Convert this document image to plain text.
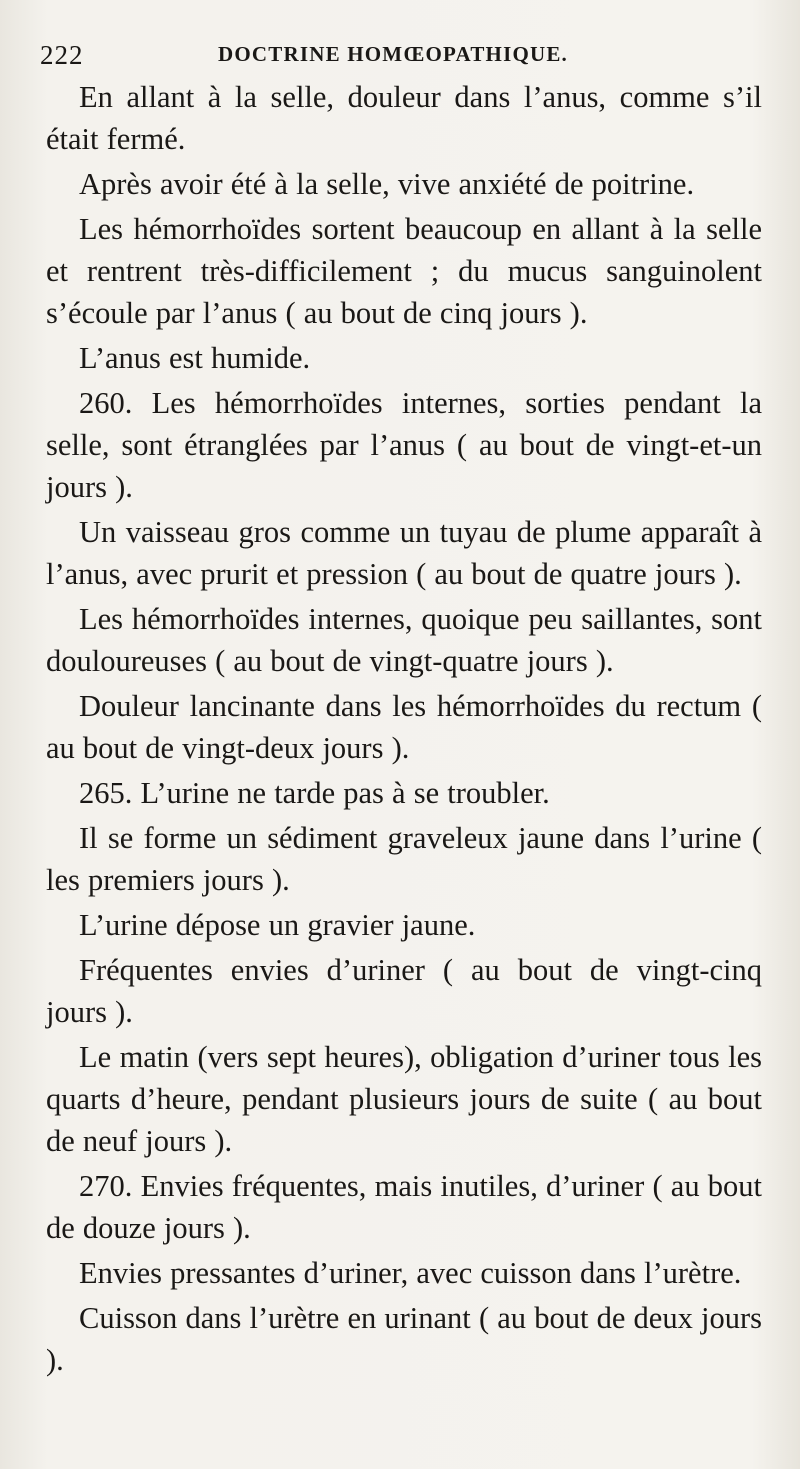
222	DOCTRINE HOMŒOPATHIQUE.

En allant à la selle, douleur dans l’anus, comme s’il était fermé.

Après avoir été à la selle, vive anxiété de poitrine.

Les hémorrhoïdes sortent beaucoup en allant à la selle et rentrent très-difficilement ; du mucus sanguinolent s’écoule par l’anus ( au bout de cinq jours ).

L’anus est humide.

260. Les hémorrhoïdes internes, sorties pendant la selle, sont étranglées par l’anus ( au bout de vingt-et-un jours ).

Un vaisseau gros comme un tuyau de plume apparaît à l’anus, avec prurit et pression ( au bout de quatre jours ).

Les hémorrhoïdes internes, quoique peu saillantes, sont douloureuses ( au bout de vingt-quatre jours ).

Douleur lancinante dans les hémorrhoïdes du rectum ( au bout de vingt-deux jours ).

265. L’urine ne tarde pas à se troubler.

Il se forme un sédiment graveleux jaune dans l’urine ( les premiers jours ).

L’urine dépose un gravier jaune.

Fréquentes envies d’uriner ( au bout de vingt-cinq jours ).

Le matin (vers sept heures), obligation d’uriner tous les quarts d’heure, pendant plusieurs jours de suite ( au bout de neuf jours ).

270. Envies fréquentes, mais inutiles, d’uriner ( au bout de douze jours ).

Envies pressantes d’uriner, avec cuisson dans l’urètre.

Cuisson dans l’urètre en urinant ( au bout de deux jours ).
